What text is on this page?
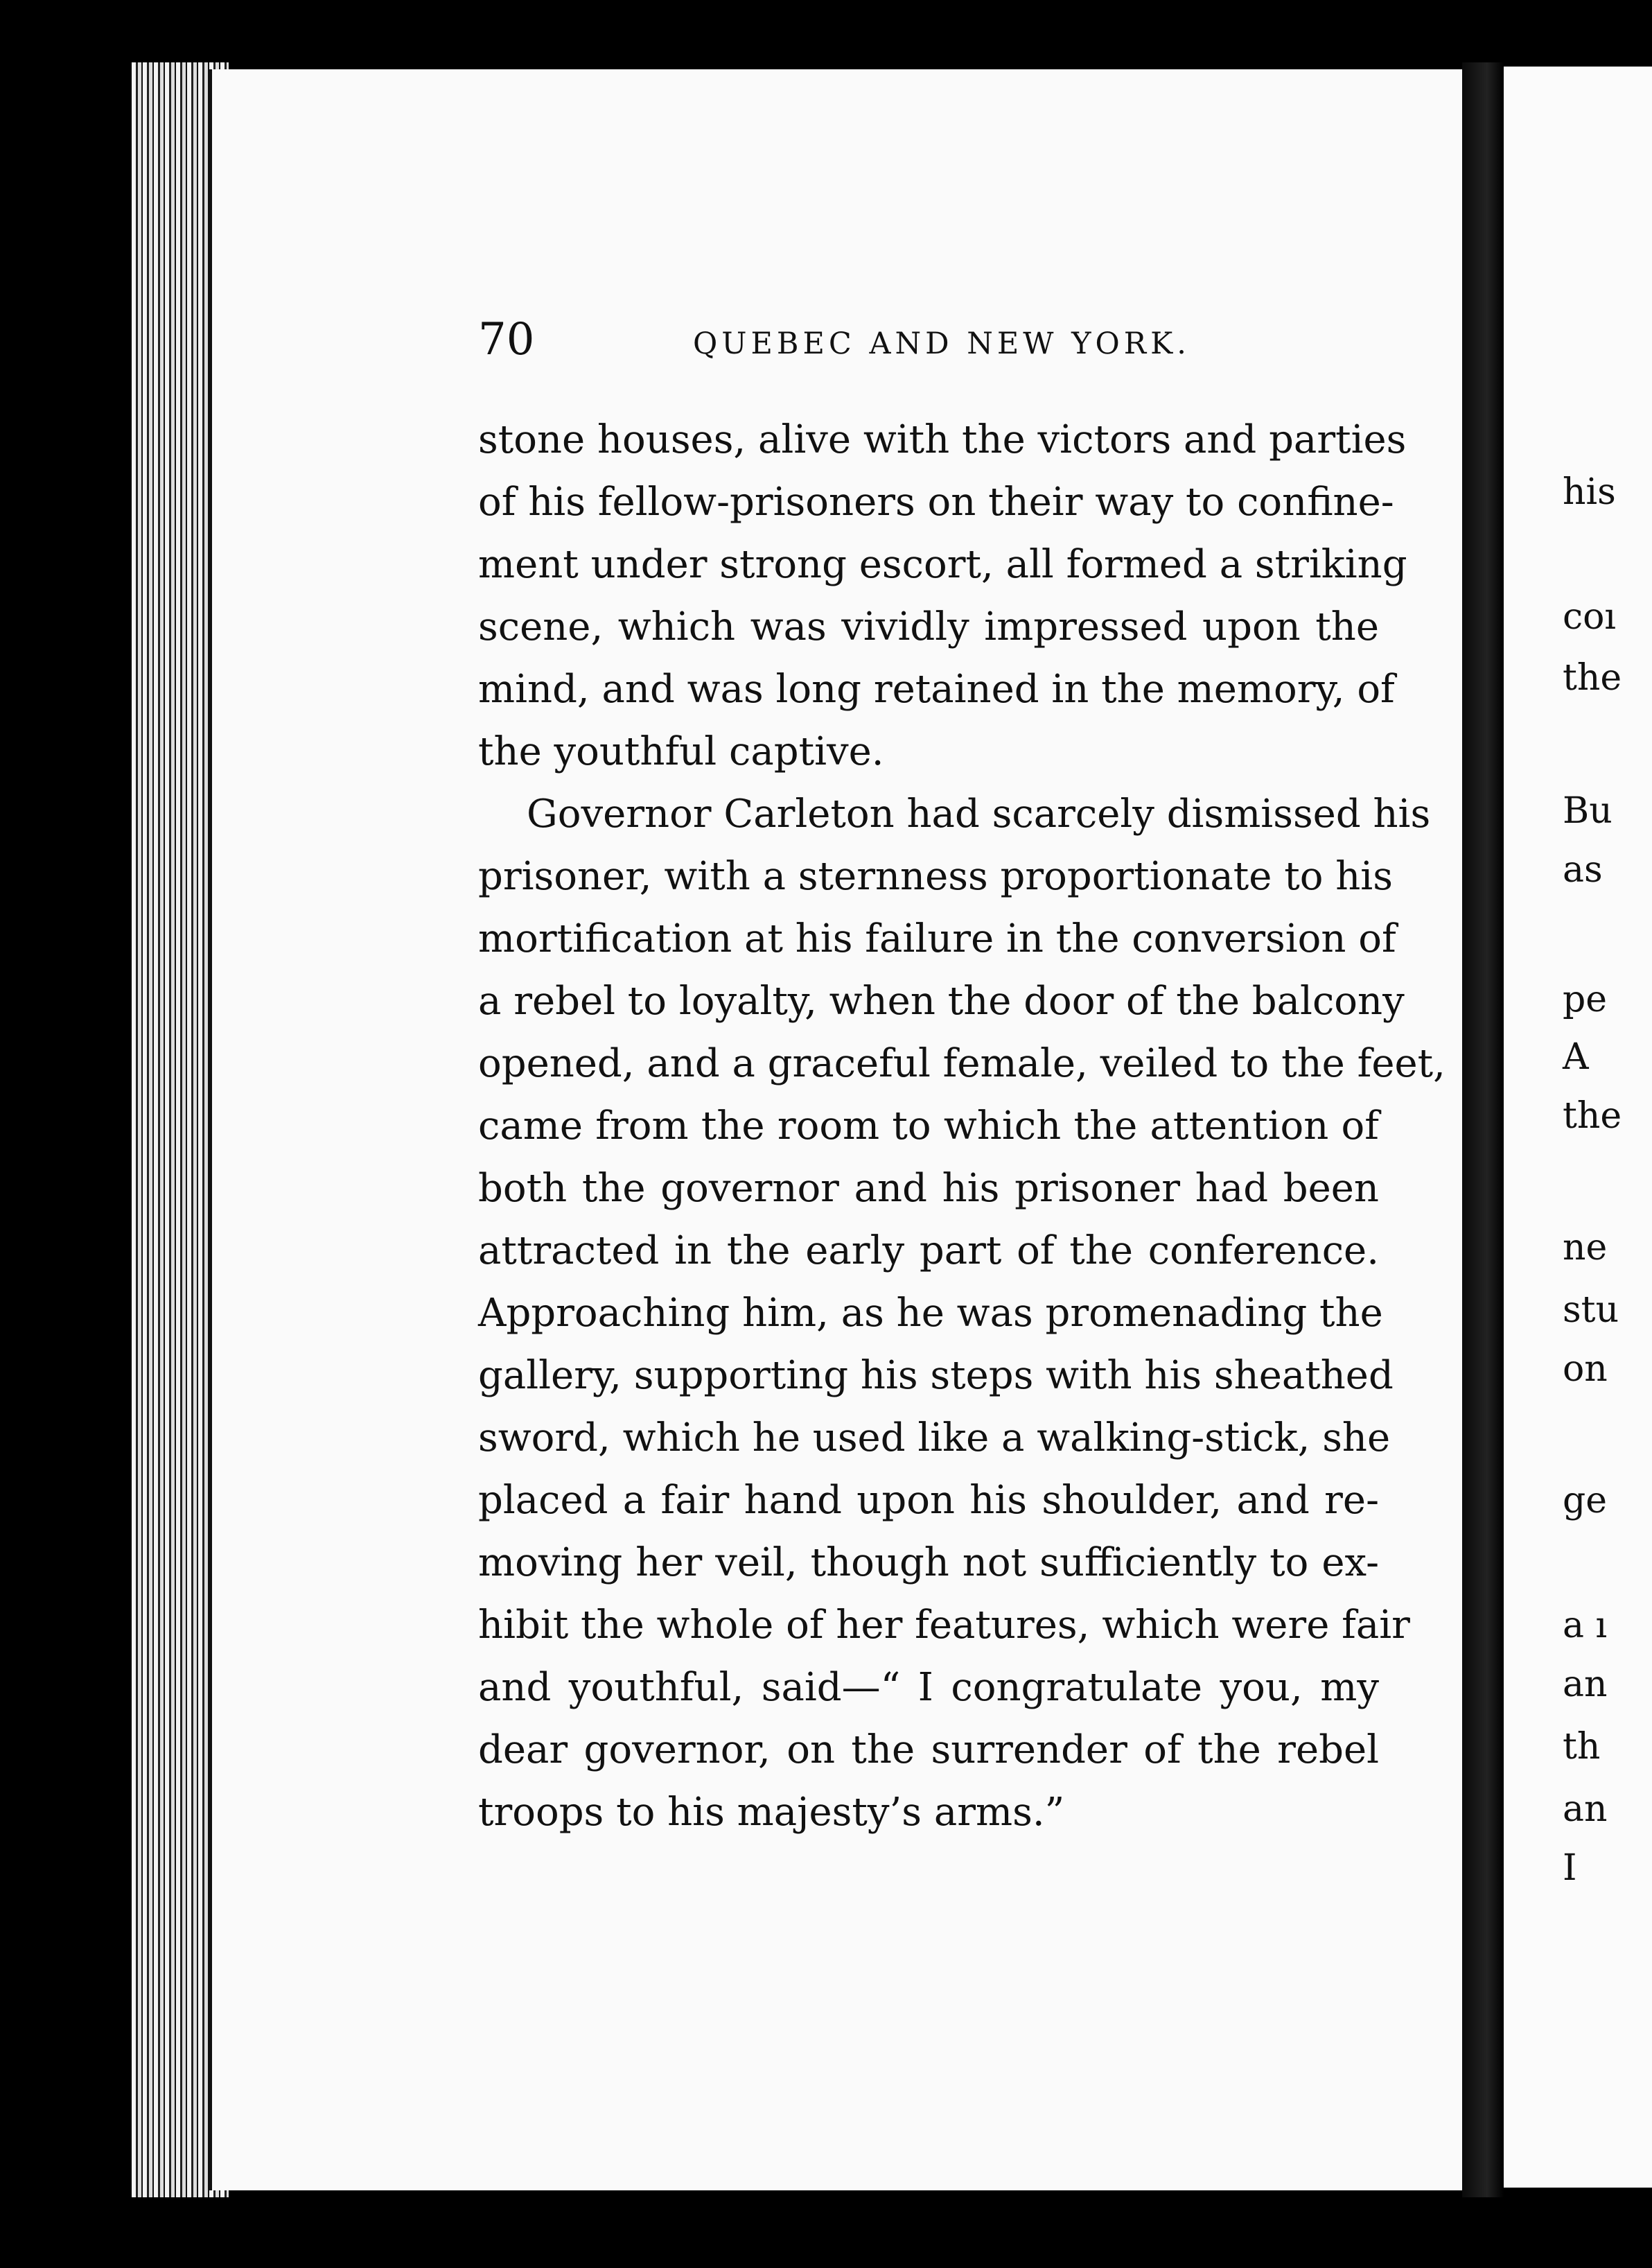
70	QUEBEC AND NEW YORK.
stone houses, alive with the victors and parties
of his fellow-prisoners on their way to confine-
ment under strong escort, all formed a striking
scene, which was vividly impressed upon the
mind, and was long retained in the memory, of
the youthful captive.
Governor Carleton had scarcely dismissed his
prisoner, with a sternness proportionate to his
mortification at his failure in the conversion of
a rebel to loyalty, when the door of the balcony
opened, and a graceful female, veiled to the feet,
came from the room to which the attention of
both the governor and his prisoner had been
attracted in the early part of the conference.
Approaching him, as he was promenading the
gallery, supporting his steps with his sheathed
sword, which he used like a walking-stick, she
placed a fair hand upon his shoulder, and re-
moving her veil, though not sufficiently to ex-
hibit the whole of her features, which were fair
and youthful, said—“ I congratulate you, my
dear governor, on the surrender of the rebel
troops to his majesty’s arms.”
his
coı
the
Bu
as
pe
A
the
ne
stu
on
ge
a ı
an
th
an
I
